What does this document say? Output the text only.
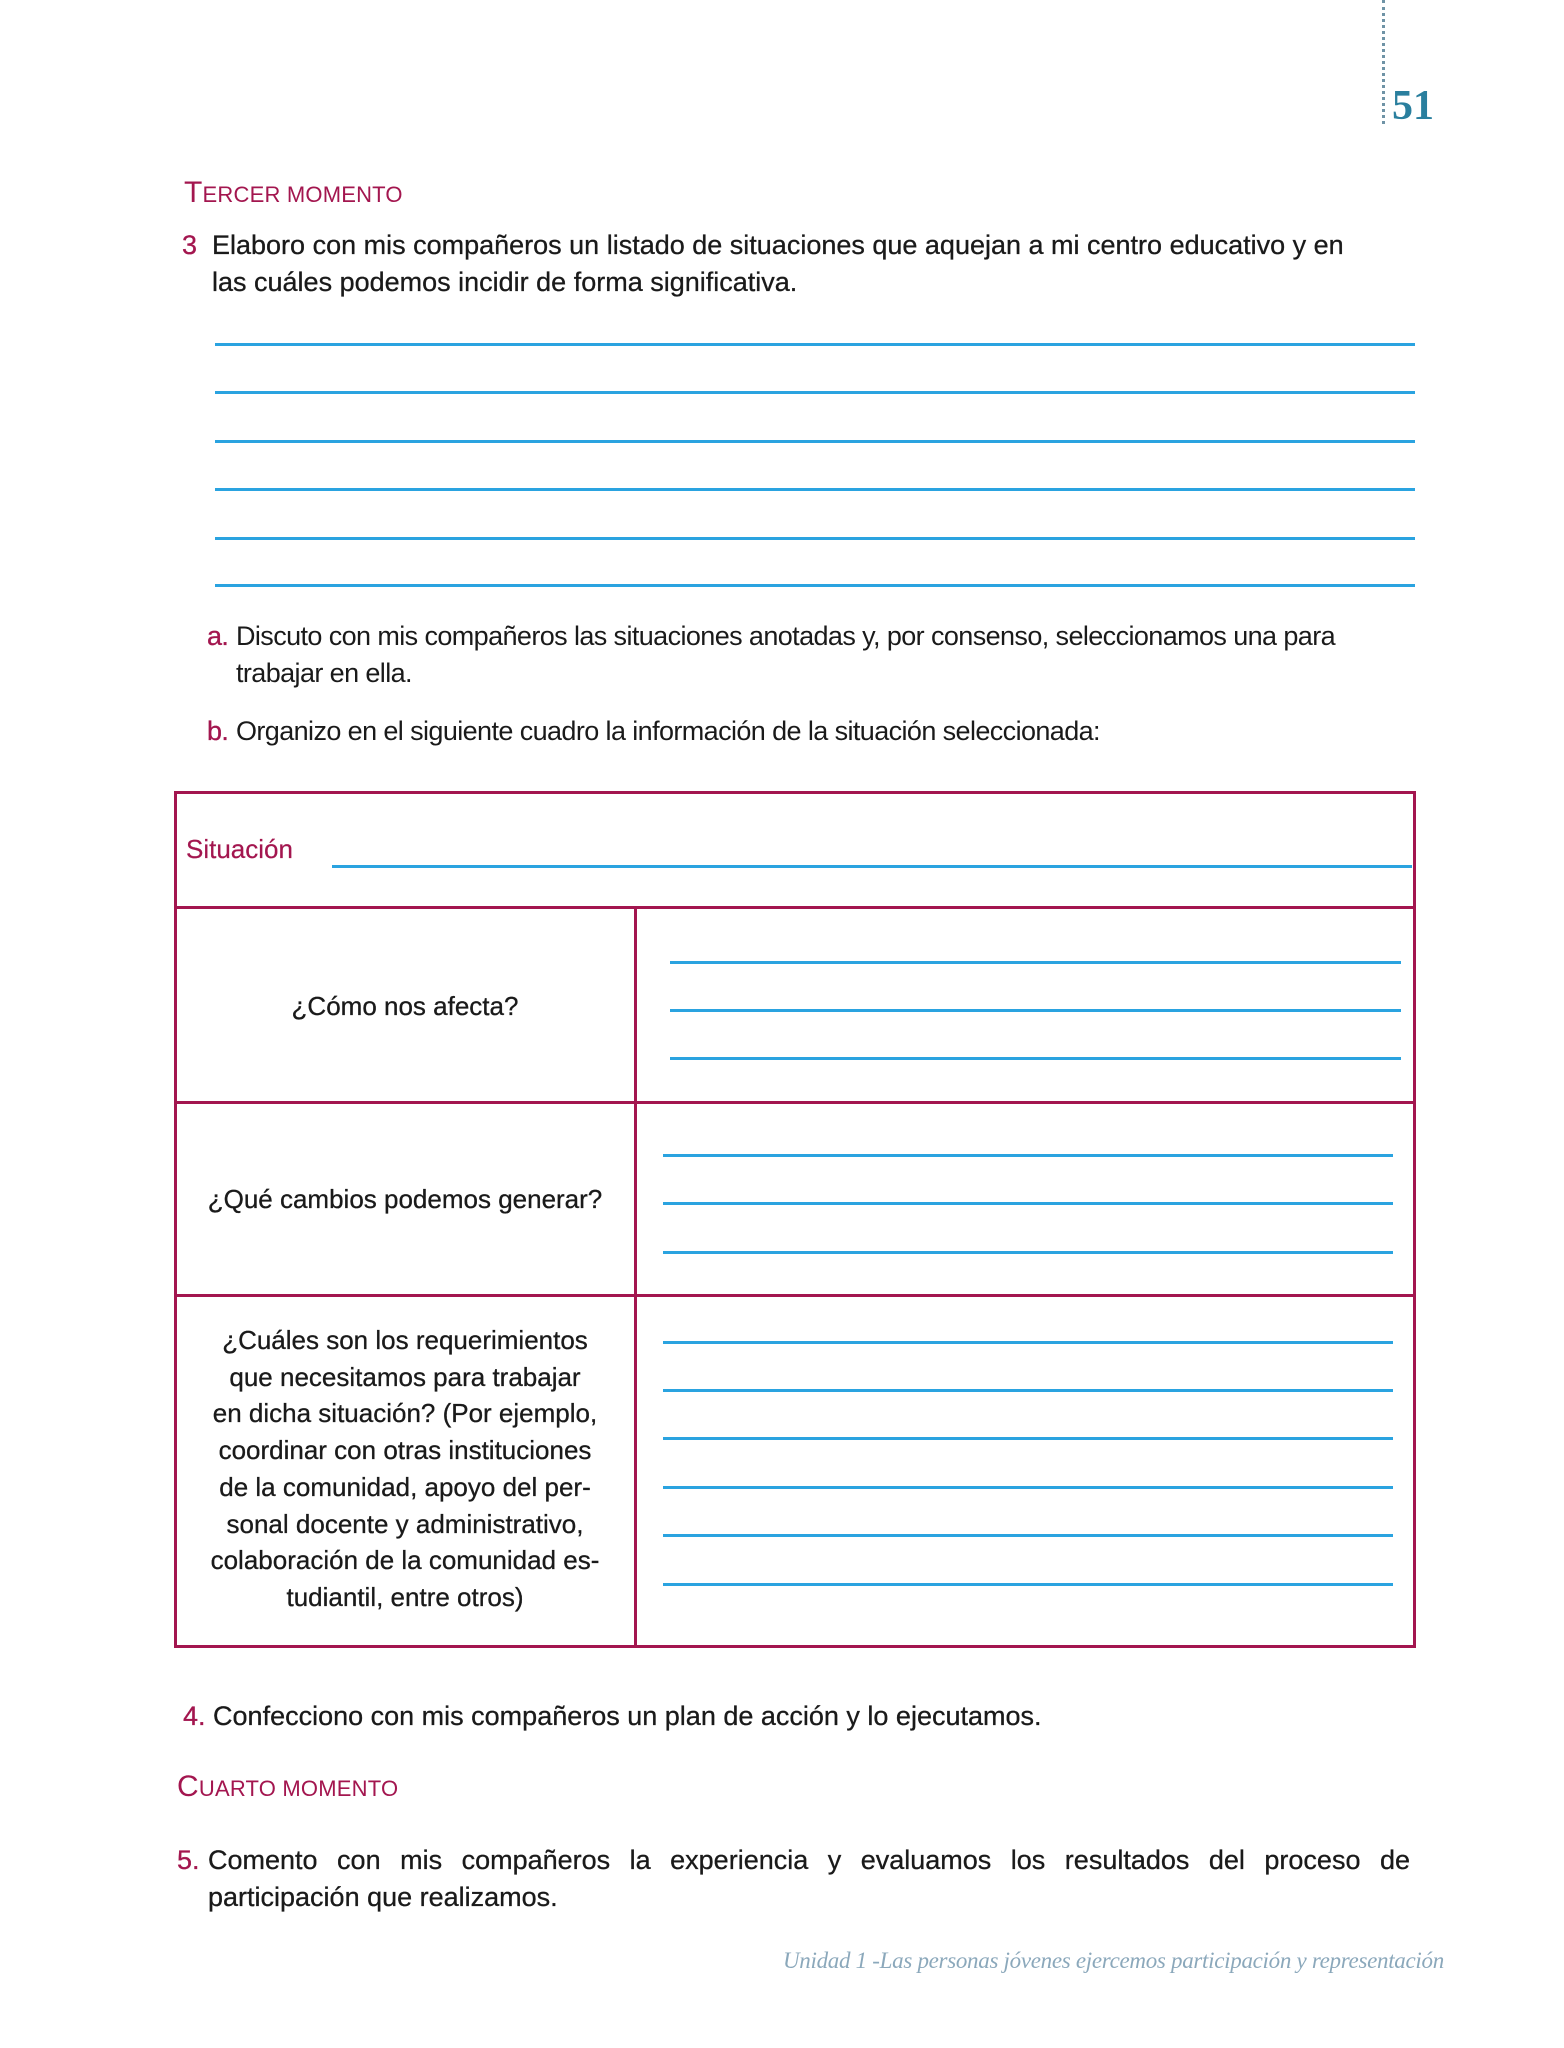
51
TERCER MOMENTO
3 Elaboro con mis compañeros un listado de situaciones que aquejan a mi centro educativo y en
las cuáles podemos incidir de forma significativa.
a. Discuto con mis compañeros las situaciones anotadas y, por consenso, seleccionamos una para
trabajar en ella.
b. Organizo en el siguiente cuadro la información de la situación seleccionada:
Situación
¿Cómo nos afecta?
¿Qué cambios podemos generar?
¿Cuáles son los requerimientos
que necesitamos para trabajar
en dicha situación? (Por ejemplo,
coordinar con otras instituciones
de la comunidad, apoyo del per-
sonal docente y administrativo,
colaboración de la comunidad es-
tudiantil, entre otros)
4. Confecciono con mis compañeros un plan de acción y lo ejecutamos.
CUARTO MOMENTO
5. Comento con mis compañeros la experiencia y evaluamos los resultados del proceso de
participación que realizamos.
Unidad 1 -Las personas jóvenes ejercemos participación y representación
